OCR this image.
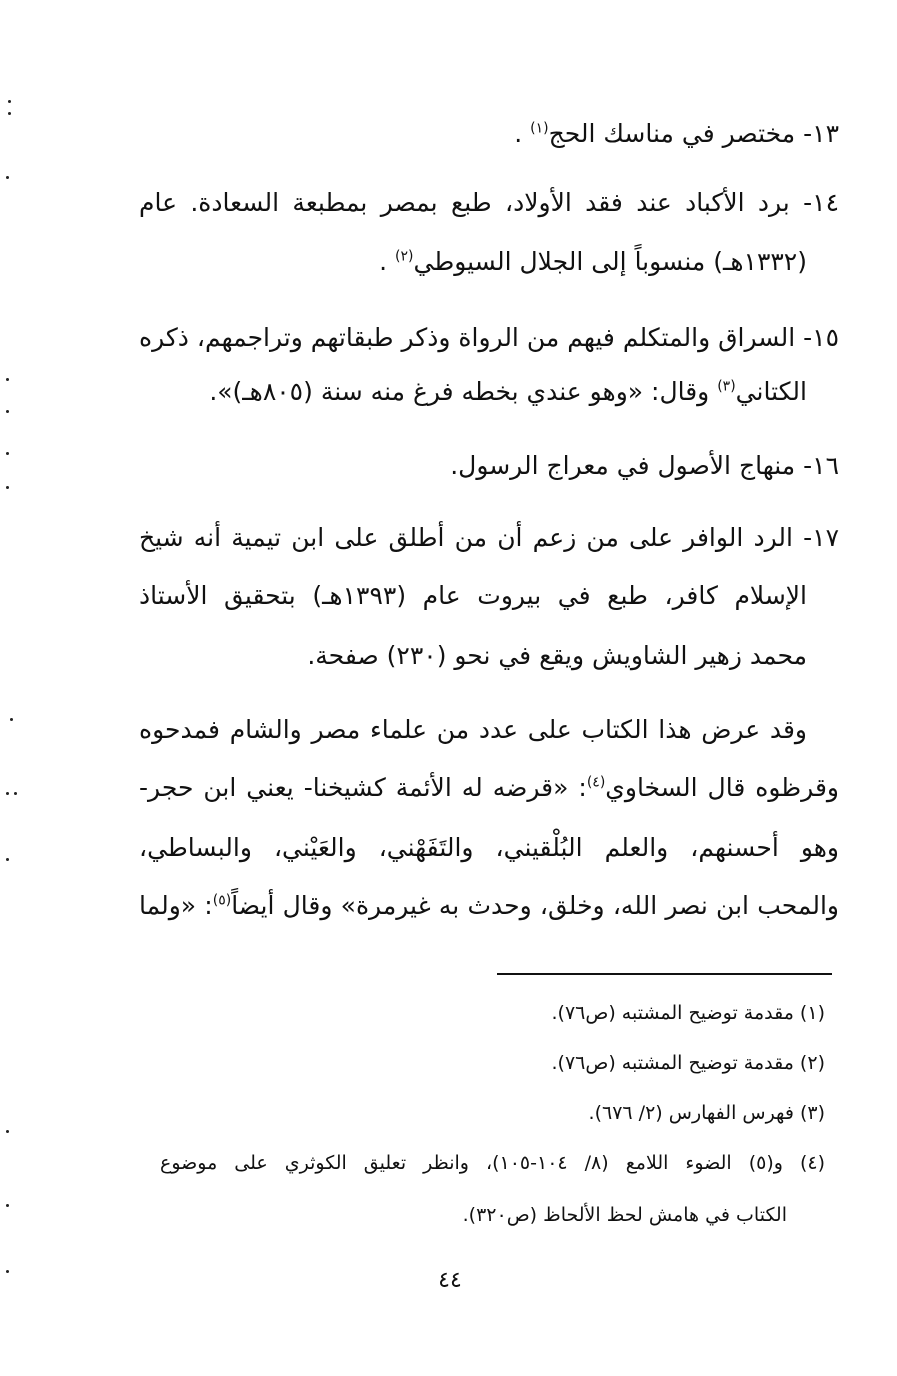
١٣- مختصر في مناسك الحج$^{(١)}$ .
١٤- برد الأكباد عند فقد الأولاد، طبع بمصر بمطبعة السعادة. عام
(١٣٣٢هـ) منسوباً إلى الجلال السيوطي$^{(٢)}$ .
١٥- السراق والمتكلم فيهم من الرواة وذكر طبقاتهم وتراجمهم، ذكره
الكتاني$^{(٣)}$ وقال: «وهو عندي بخطه فرغ منه سنة (٨٠٥هـ)».
١٦- منهاج الأصول في معراج الرسول.
١٧- الرد الوافر على من زعم أن من أطلق على ابن تيمية أنه شيخ
الإسلام كافر، طبع في بيروت عام (١٣٩٣هـ) بتحقيق الأستاذ
محمد زهير الشاويش ويقع في نحو (٢٣٠) صفحة.
وقد عرض هذا الكتاب على عدد من علماء مصر والشام فمدحوه
وقرظوه قال السخاوي$^{(٤)}$: «قرضه له الأئمة كشيخنا- يعني ابن حجر-
وهو أحسنهم، والعلم البُلْقيني، والتَفَهْني، والعَيْني، والبساطي،
والمحب ابن نصر الله، وخلق، وحدث به غيرمرة» وقال أيضاً$^{(٥)}$: «ولما
(١) مقدمة توضيح المشتبه (ص٧٦).
(٢) مقدمة توضيح المشتبه (ص٧٦).
(٣) فهرس الفهارس (٢/ ٦٧٦).
(٤) و(٥) الضوء اللامع (٨/ ١٠٤-١٠٥)، وانظر تعليق الكوثري على موضوع
الكتاب في هامش لحظ الألحاظ (ص٣٢٠).
٤٤
